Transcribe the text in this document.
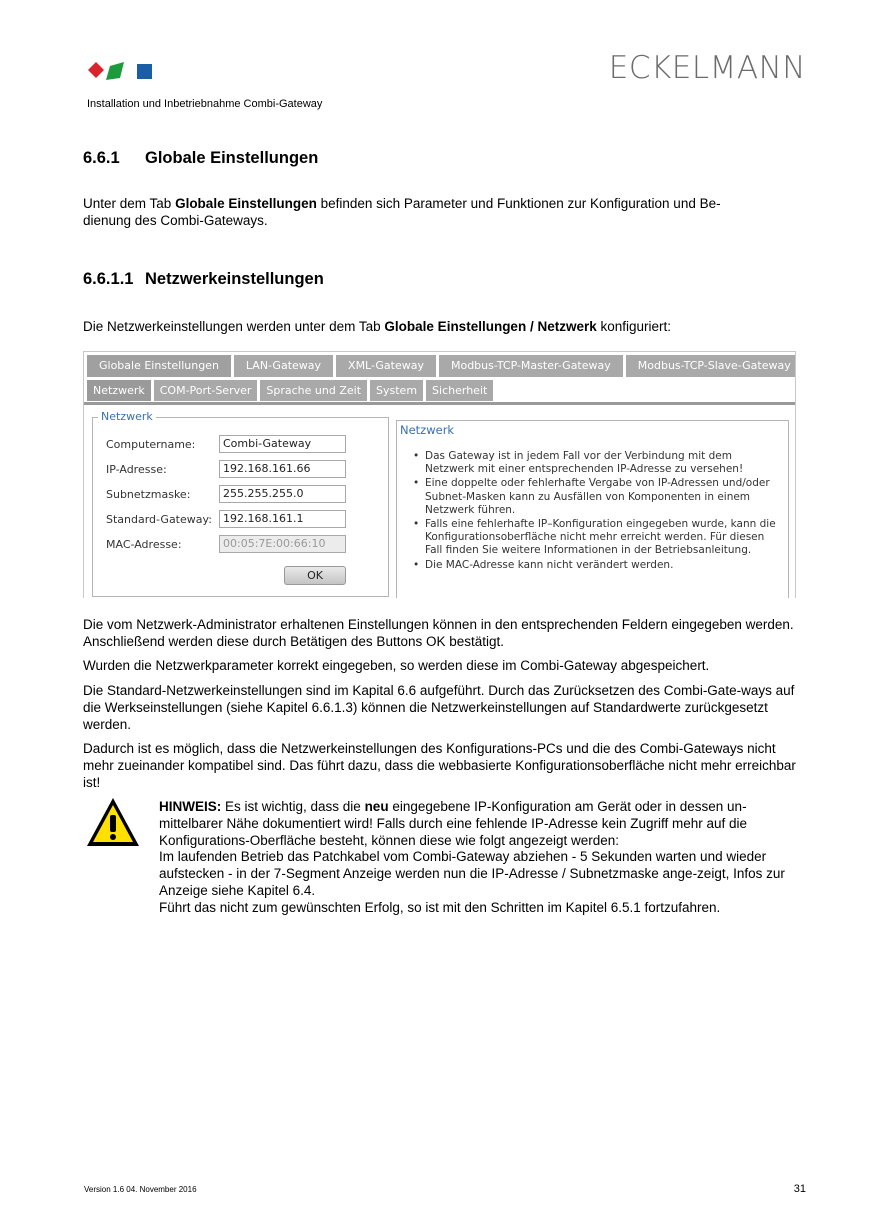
ECKELMANN
Installation und Inbetriebnahme Combi-Gateway
6.6.1 Globale Einstellungen
Unter dem Tab Globale Einstellungen befinden sich Parameter und Funktionen zur Konfiguration und Be-
dienung des Combi-Gateways.
6.6.1.1 Netzwerkeinstellungen
Die Netzwerkeinstellungen werden unter dem Tab Globale Einstellungen / Netzwerk konfiguriert:
Globale Einstellungen	LAN-Gateway	XML-Gateway	Modbus-TCP-Master-Gateway	Modbus-TCP-Slave-Gateway
Netzwerk	COM-Port-Server	Sprache und Zeit	System	Sicherheit
Netzwerk
Computername:	Combi-Gateway
IP-Adresse:	192.168.161.66
Subnetzmaske:	255.255.255.0
Standard-Gateway:	192.168.161.1
MAC-Adresse:	00:05:7E:00:66:10
OK
Netzwerk
• Das Gateway ist in jedem Fall vor der Verbindung mit dem Netzwerk mit einer entsprechenden IP-Adresse zu versehen!
• Eine doppelte oder fehlerhafte Vergabe von IP-Adressen und/oder Subnet-Masken kann zu Ausfällen von Komponenten in einem Netzwerk führen.
• Falls eine fehlerhafte IP–Konfiguration eingegeben wurde, kann die Konfigurationsoberfläche nicht mehr erreicht werden. Für diesen Fall finden Sie weitere Informationen in der Betriebsanleitung.
• Die MAC-Adresse kann nicht verändert werden.
Die vom Netzwerk-Administrator erhaltenen Einstellungen können in den entsprechenden Feldern eingegeben werden. Anschließend werden diese durch Betätigen des Buttons OK bestätigt.
Wurden die Netzwerkparameter korrekt eingegeben, so werden diese im Combi-Gateway abgespeichert.
Die Standard-Netzwerkeinstellungen sind im Kapital 6.6 aufgeführt. Durch das Zurücksetzen des Combi-Gate-ways auf die Werkseinstellungen (siehe Kapitel 6.6.1.3) können die Netzwerkeinstellungen auf Standardwerte zurückgesetzt werden.
Dadurch ist es möglich, dass die Netzwerkeinstellungen des Konfigurations-PCs und die des Combi-Gateways nicht mehr zueinander kompatibel sind. Das führt dazu, dass die webbasierte Konfigurationsoberfläche nicht mehr erreichbar ist!
HINWEIS: Es ist wichtig, dass die neu eingegebene IP-Konfiguration am Gerät oder in dessen un-mittelbarer Nähe dokumentiert wird! Falls durch eine fehlende IP-Adresse kein Zugriff mehr auf die Konfigurations-Oberfläche besteht, können diese wie folgt angezeigt werden:
Im laufenden Betrieb das Patchkabel vom Combi-Gateway abziehen - 5 Sekunden warten und wieder aufstecken - in der 7-Segment Anzeige werden nun die IP-Adresse / Subnetzmaske ange-zeigt, Infos zur Anzeige siehe Kapitel 6.4.
Führt das nicht zum gewünschten Erfolg, so ist mit den Schritten im Kapitel 6.5.1 fortzufahren.
Version 1.6 04. November 2016	31
